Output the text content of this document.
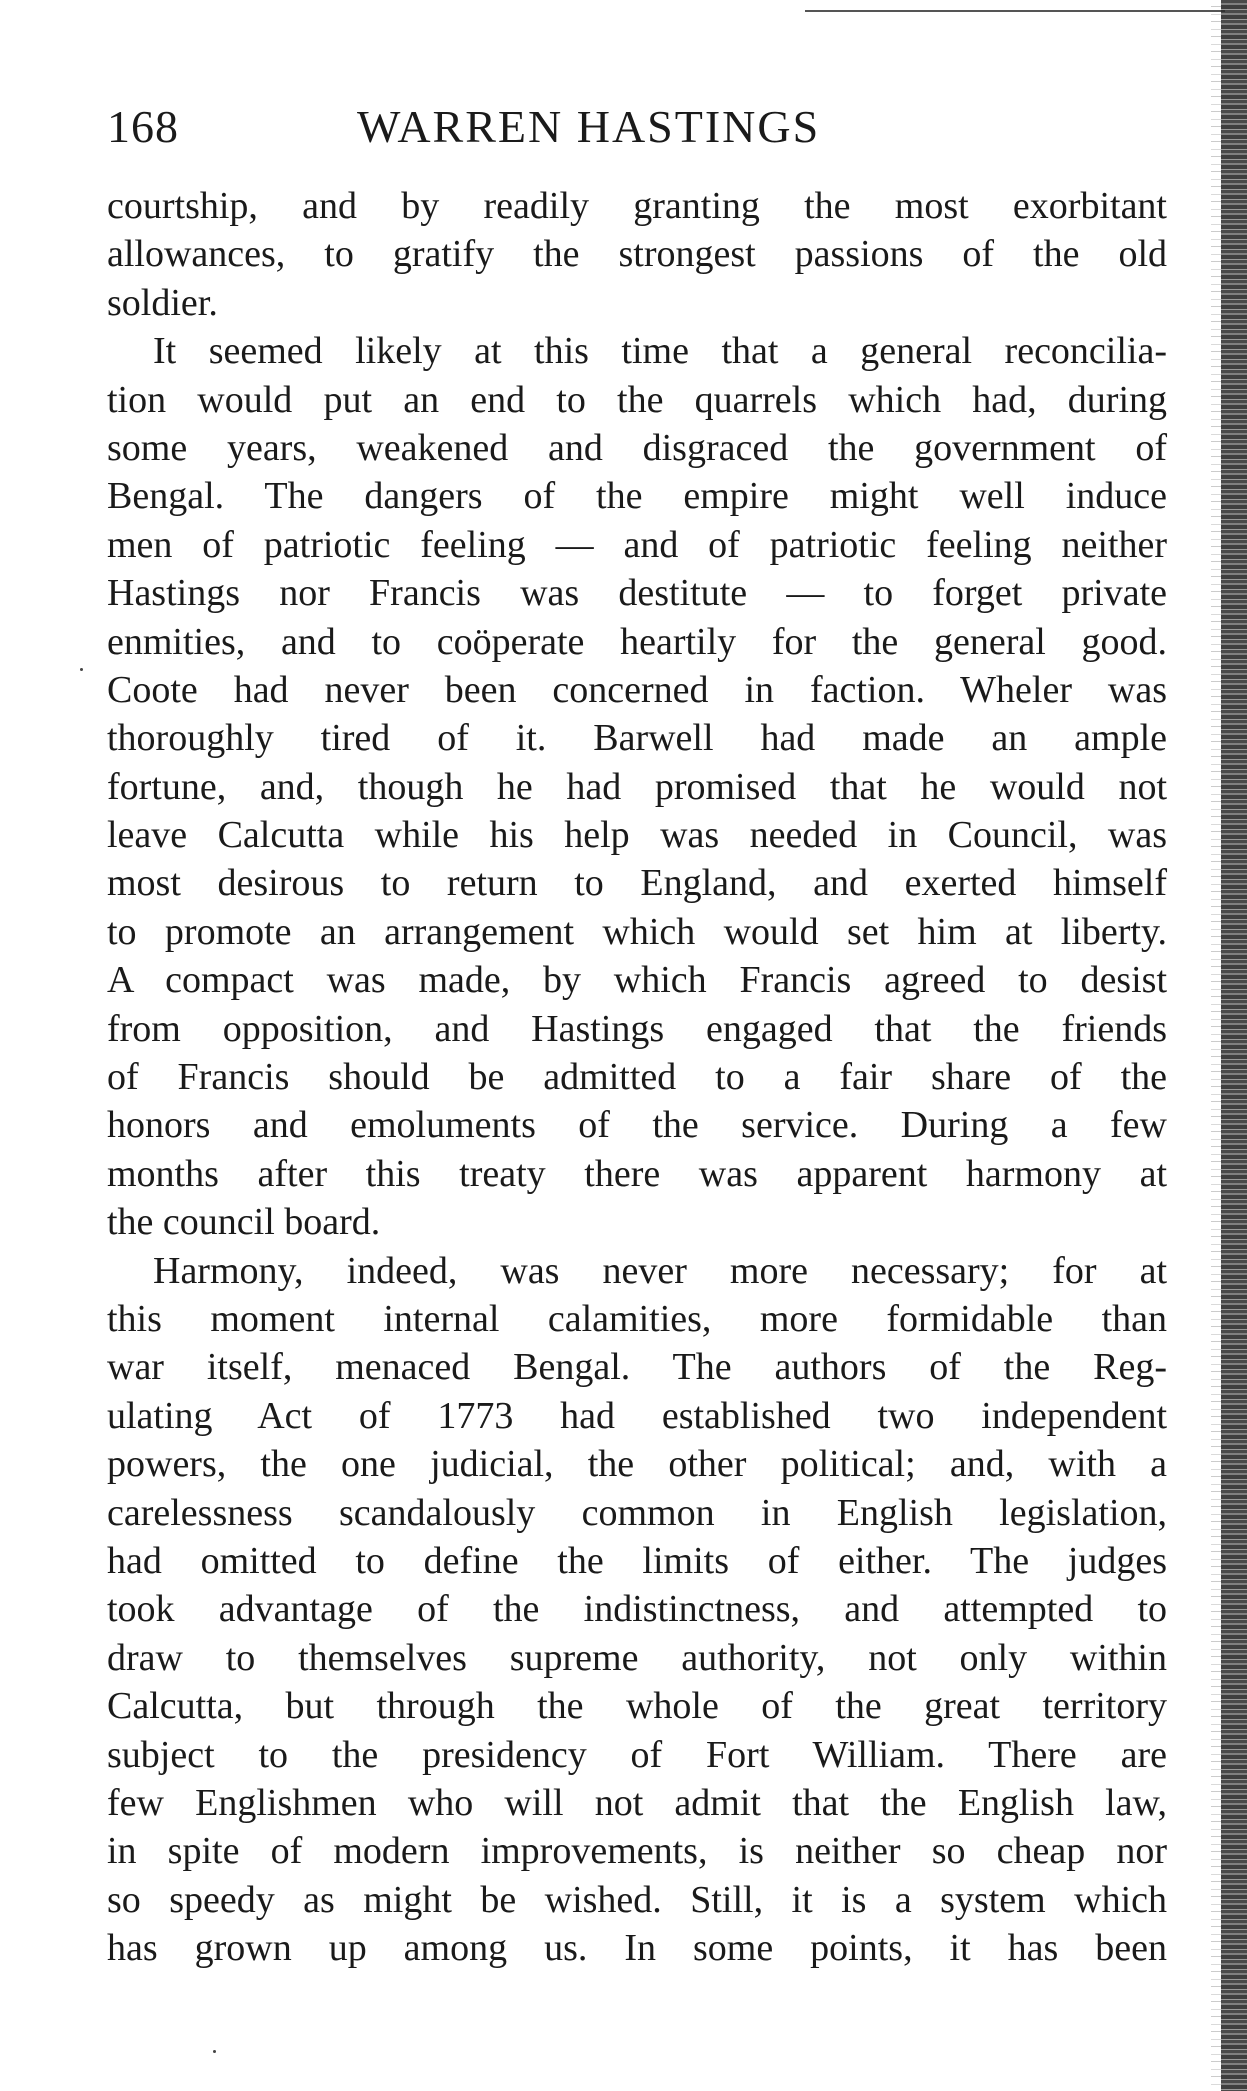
168	WARREN HASTINGS
courtship, and by readily granting the most exorbitant
allowances, to gratify the strongest passions of the old
soldier.
It seemed likely at this time that a general reconcilia-
tion would put an end to the quarrels which had, during
some years, weakened and disgraced the government of
Bengal. The dangers of the empire might well induce
men of patriotic feeling — and of patriotic feeling neither
Hastings nor Francis was destitute — to forget private
enmities, and to coöperate heartily for the general good.
Coote had never been concerned in faction. Wheler was
thoroughly tired of it. Barwell had made an ample
fortune, and, though he had promised that he would not
leave Calcutta while his help was needed in Council, was
most desirous to return to England, and exerted himself
to promote an arrangement which would set him at liberty.
A compact was made, by which Francis agreed to desist
from opposition, and Hastings engaged that the friends
of Francis should be admitted to a fair share of the
honors and emoluments of the service. During a few
months after this treaty there was apparent harmony at
the council board.
Harmony, indeed, was never more necessary; for at
this moment internal calamities, more formidable than
war itself, menaced Bengal. The authors of the Reg-
ulating Act of 1773 had established two independent
powers, the one judicial, the other political; and, with a
carelessness scandalously common in English legislation,
had omitted to define the limits of either. The judges
took advantage of the indistinctness, and attempted to
draw to themselves supreme authority, not only within
Calcutta, but through the whole of the great territory
subject to the presidency of Fort William. There are
few Englishmen who will not admit that the English law,
in spite of modern improvements, is neither so cheap nor
so speedy as might be wished. Still, it is a system which
has grown up among us. In some points, it has been
